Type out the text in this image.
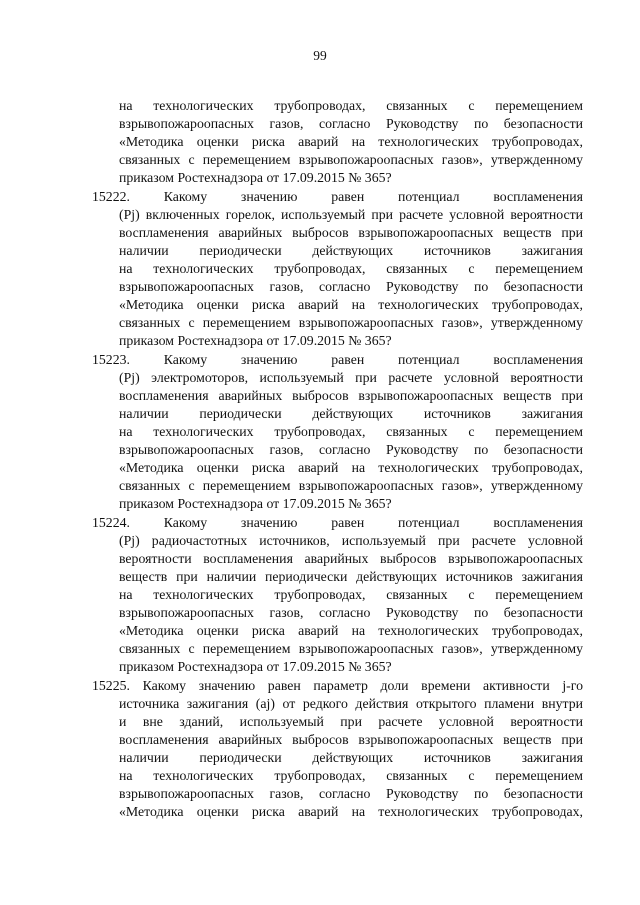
99
на технологических трубопроводах, связанных с перемещением
взрывопожароопасных газов, согласно Руководству по безопасности
«Методика оценки риска аварий на технологических трубопроводах,
связанных с перемещением взрывопожароопасных газов», утвержденному
приказом Ростехнадзора от 17.09.2015 № 365?
15222. Какому значению равен потенциал воспламенения
(Pj) включенных горелок, используемый при расчете условной вероятности
воспламенения аварийных выбросов взрывопожароопасных веществ при
наличии периодически действующих источников зажигания
на технологических трубопроводах, связанных с перемещением
взрывопожароопасных газов, согласно Руководству по безопасности
«Методика оценки риска аварий на технологических трубопроводах,
связанных с перемещением взрывопожароопасных газов», утвержденному
приказом Ростехнадзора от 17.09.2015 № 365?
15223. Какому значению равен потенциал воспламенения
(Pj) электромоторов, используемый при расчете условной вероятности
воспламенения аварийных выбросов взрывопожароопасных веществ при
наличии периодически действующих источников зажигания
на технологических трубопроводах, связанных с перемещением
взрывопожароопасных газов, согласно Руководству по безопасности
«Методика оценки риска аварий на технологических трубопроводах,
связанных с перемещением взрывопожароопасных газов», утвержденному
приказом Ростехнадзора от 17.09.2015 № 365?
15224. Какому значению равен потенциал воспламенения
(Pj) радиочастотных источников, используемый при расчете условной
вероятности воспламенения аварийных выбросов взрывопожароопасных
веществ при наличии периодически действующих источников зажигания
на технологических трубопроводах, связанных с перемещением
взрывопожароопасных газов, согласно Руководству по безопасности
«Методика оценки риска аварий на технологических трубопроводах,
связанных с перемещением взрывопожароопасных газов», утвержденному
приказом Ростехнадзора от 17.09.2015 № 365?
15225. Какому значению равен параметр доли времени активности j-го
источника зажигания (aj) от редкого действия открытого пламени внутри
и вне зданий, используемый при расчете условной вероятности
воспламенения аварийных выбросов взрывопожароопасных веществ при
наличии периодически действующих источников зажигания
на технологических трубопроводах, связанных с перемещением
взрывопожароопасных газов, согласно Руководству по безопасности
«Методика оценки риска аварий на технологических трубопроводах,
